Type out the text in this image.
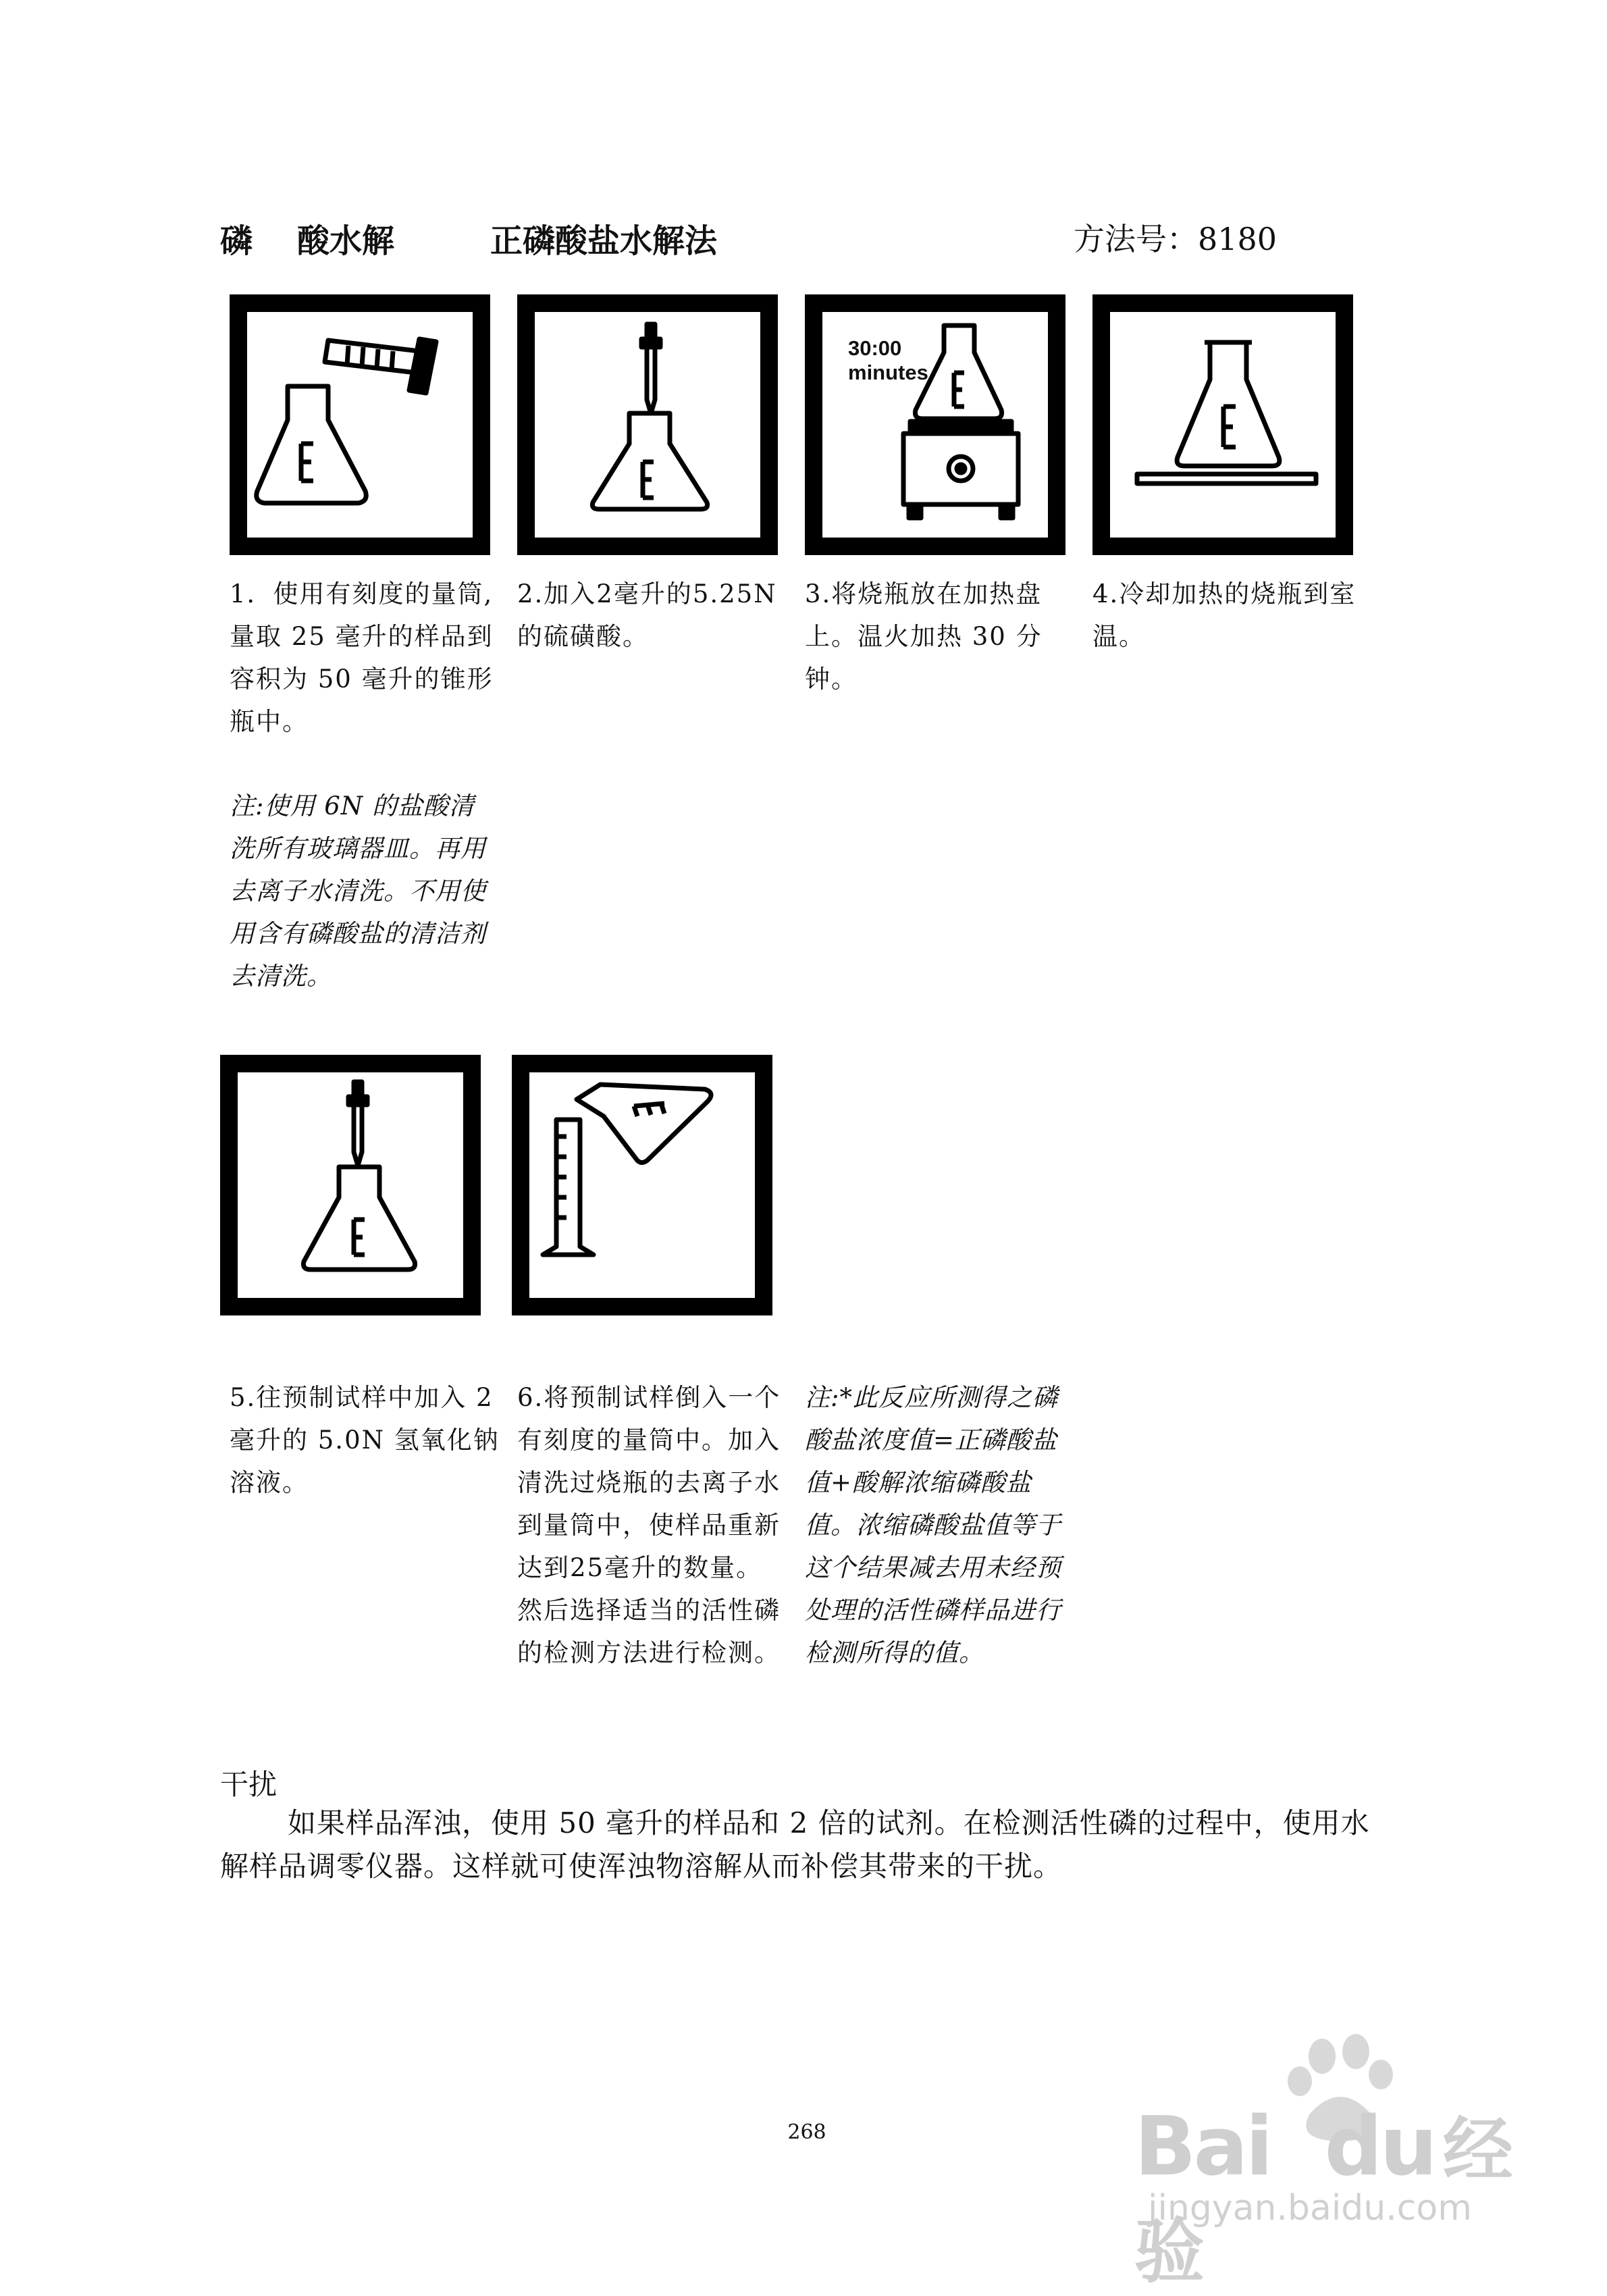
磷 酸水解	正磷酸盐水解法	方法号：8180
30:00
minutes
1．使用有刻度的量筒,量取 25 毫升的样品到容积为 50 毫升的锥形瓶中。
注:使用 6N 的盐酸清洗所有玻璃器皿。再用去离子水清洗。不用使用含有磷酸盐的清洁剂去清洗。
2.加入2毫升的5.25N的硫磺酸。
3.将烧瓶放在加热盘上。温火加热 30 分钟。
4.冷却加热的烧瓶到室温。
5.往预制试样中加入 2 毫升的 5.0N 氢氧化钠溶液。
6.将预制试样倒入一个有刻度的量筒中。加入清洗过烧瓶的去离子水到量筒中，使样品重新达到25毫升的数量。然后选择适当的活性磷的检测方法进行检测。
注:*此反应所测得之磷酸盐浓度值=正磷酸盐值+酸解浓缩磷酸盐值。浓缩磷酸盐值等于这个结果减去用未经预处理的活性磷样品进行检测所得的值。
干扰
如果样品浑浊，使用 50 毫升的样品和 2 倍的试剂。在检测活性磷的过程中，使用水解样品调零仪器。这样就可使浑浊物溶解从而补偿其带来的干扰。
268	Bai du 经验
jingyan.baidu.com
